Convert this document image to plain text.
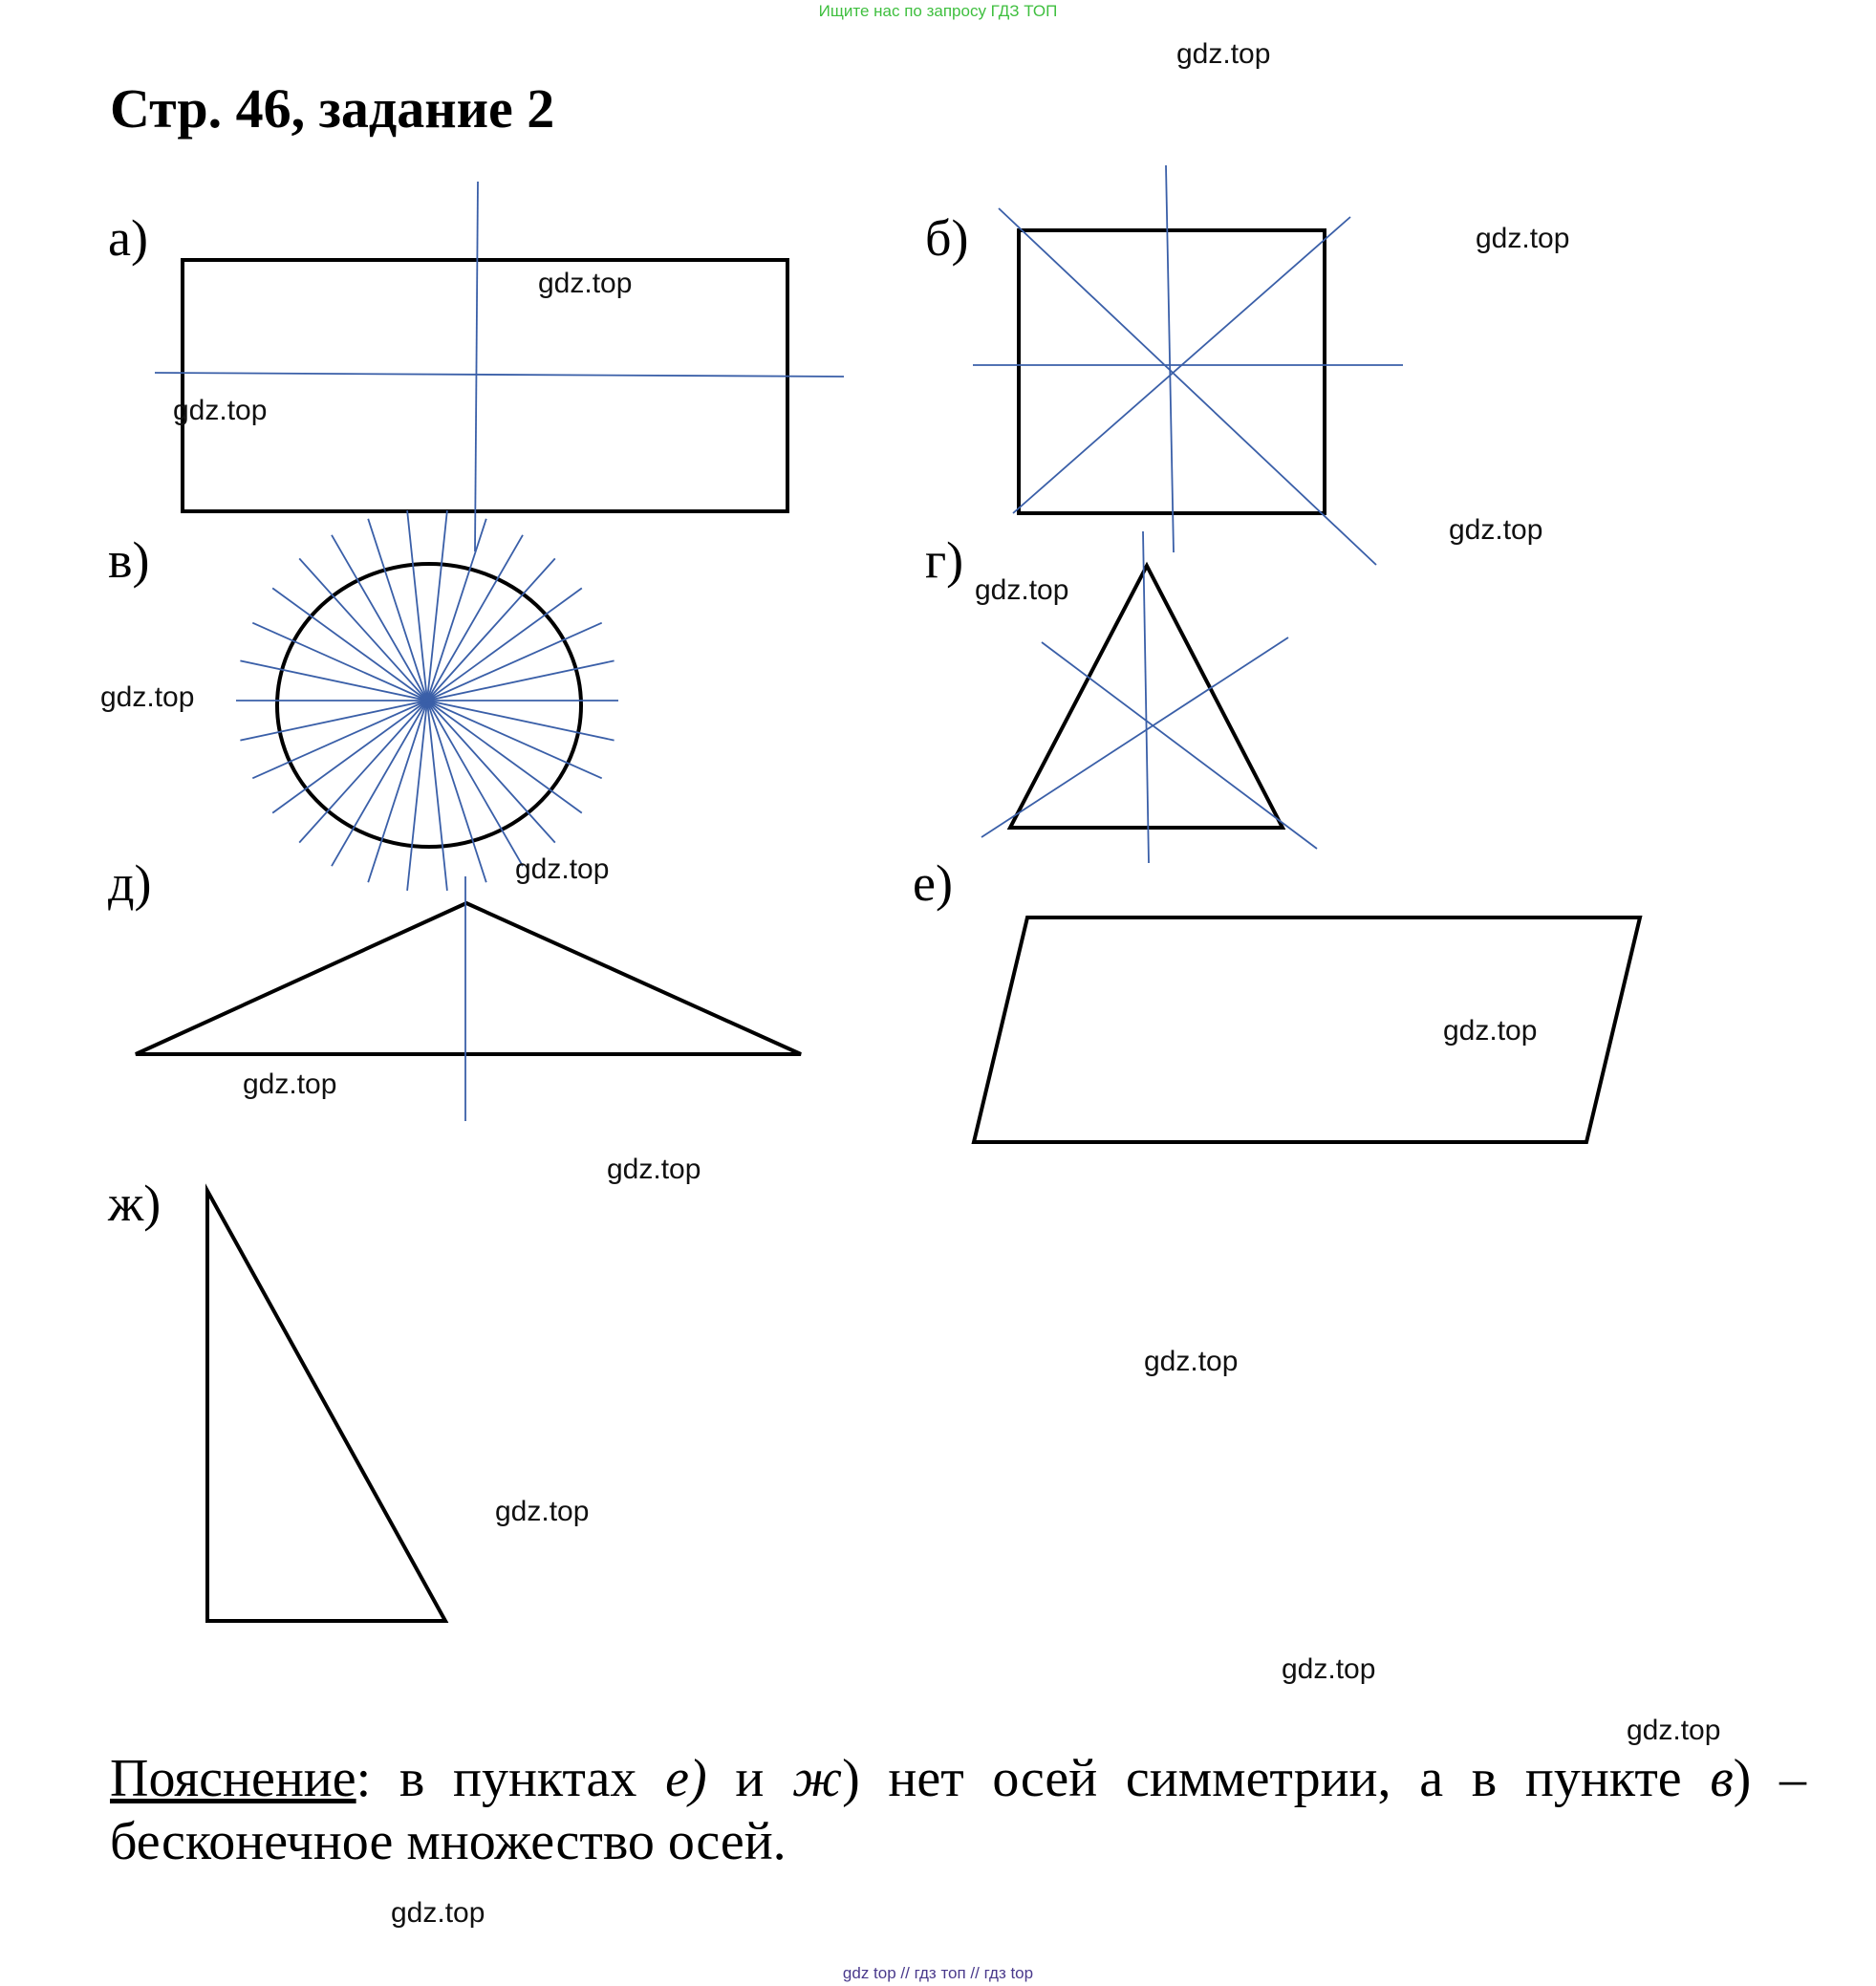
Ищите нас по запросу ГДЗ ТОП
Стр. 46, задание 2
а)	б)
в)	г)
д)	е)
ж)
gdz.top
gdz.top
gdz.top
gdz.top
gdz.top
gdz.top
gdz.top
gdz.top
gdz.top
gdz.top
gdz.top
gdz.top
gdz.top
gdz.top
gdz.top
gdz.top
Пояснение: в пунктах е) и ж) нет осей симметрии, а в пункте в) – бесконечное множество осей.
gdz top // гдз топ // гдз top
